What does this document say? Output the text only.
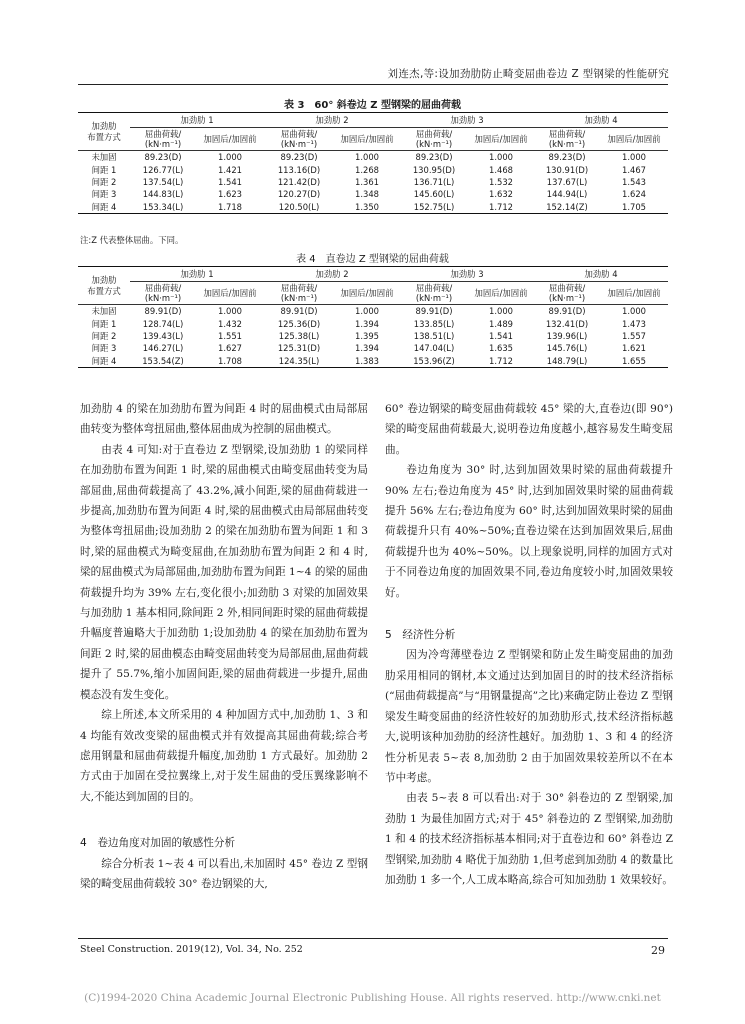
刘连杰,等:设加劲肋防止畸变屈曲卷边 Z 型钢梁的性能研究
表 3　60° 斜卷边 Z 型钢梁的屈曲荷载
加劲肋
布置方式	加劲肋 1		加劲肋 2		加劲肋 3		加劲肋 4	
	屈曲荷载/
(kN·m⁻¹)	加固后/加固前	屈曲荷载/
(kN·m⁻¹)	加固后/加固前	屈曲荷载/
(kN·m⁻¹)	加固后/加固前	屈曲荷载/
(kN·m⁻¹)	加固后/加固前
未加固	89.23(D)	1.000	89.23(D)	1.000	89.23(D)	1.000	89.23(D)	1.000
间距 1	126.77(L)	1.421	113.16(D)	1.268	130.95(D)	1.468	130.91(D)	1.467
间距 2	137.54(L)	1.541	121.42(D)	1.361	136.71(L)	1.532	137.67(L)	1.543
间距 3	144.83(L)	1.623	120.27(D)	1.348	145.60(L)	1.632	144.94(L)	1.624
间距 4	153.34(L)	1.718	120.50(L)	1.350	152.75(L)	1.712	152.14(Z)	1.705
注:Z 代表整体屈曲。下同。
表 4　直卷边 Z 型钢梁的屈曲荷载
加劲肋
布置方式	加劲肋 1		加劲肋 2		加劲肋 3		加劲肋 4	
	屈曲荷载/
(kN·m⁻¹)	加固后/加固前	屈曲荷载/
(kN·m⁻¹)	加固后/加固前	屈曲荷载/
(kN·m⁻¹)	加固后/加固前	屈曲荷载/
(kN·m⁻¹)	加固后/加固前
未加固	89.91(D)	1.000	89.91(D)	1.000	89.91(D)	1.000	89.91(D)	1.000
间距 1	128.74(L)	1.432	125.36(D)	1.394	133.85(L)	1.489	132.41(D)	1.473
间距 2	139.43(L)	1.551	125.38(L)	1.395	138.51(L)	1.541	139.96(L)	1.557
间距 3	146.27(L)	1.627	125.31(D)	1.394	147.04(L)	1.635	145.76(L)	1.621
间距 4	153.54(Z)	1.708	124.35(L)	1.383	153.96(Z)	1.712	148.79(L)	1.655

加劲肋 4 的梁在加劲肋布置为间距 4 时的屈曲模式由局部屈曲转变为整体弯扭屈曲,整体屈曲成为控制的屈曲模式。

由表 4 可知:对于直卷边 Z 型钢梁,设加劲肋 1 的梁同样在加劲肋布置为间距 1 时,梁的屈曲模式由畸变屈曲转变为局部屈曲,屈曲荷载提高了 43.2%,减小间距,梁的屈曲荷载进一步提高,加劲肋布置为间距 4 时,梁的屈曲模式由局部屈曲转变为整体弯扭屈曲;设加劲肋 2 的梁在加劲肋布置为间距 1 和 3 时,梁的屈曲模式为畸变屈曲,在加劲肋布置为间距 2 和 4 时,梁的屈曲模式为局部屈曲,加劲肋布置为间距 1~4 的梁的屈曲荷载提升均为 39% 左右,变化很小;加劲肋 3 对梁的加固效果与加劲肋 1 基本相同,除间距 2 外,相同间距时梁的屈曲荷载提升幅度普遍略大于加劲肋 1;设加劲肋 4 的梁在加劲肋布置为间距 2 时,梁的屈曲模态由畸变屈曲转变为局部屈曲,屈曲荷载提升了 55.7%,缩小加固间距,梁的屈曲荷载进一步提升,屈曲模态没有发生变化。

综上所述,本文所采用的 4 种加固方式中,加劲肋 1、3 和 4 均能有效改变梁的屈曲模式并有效提高其屈曲荷载;综合考虑用钢量和屈曲荷载提升幅度,加劲肋 1 方式最好。加劲肋 2 方式由于加固在受拉翼缘上,对于发生屈曲的受压翼缘影响不大,不能达到加固的目的。

4　卷边角度对加固的敏感性分析

综合分析表 1~表 4 可以看出,未加固时 45° 卷边 Z 型钢梁的畸变屈曲荷载较 30° 卷边钢梁的大,

60° 卷边钢梁的畸变屈曲荷载较 45° 梁的大,直卷边(即 90°) 梁的畸变屈曲荷载最大,说明卷边角度越小,越容易发生畸变屈曲。

卷边角度为 30° 时,达到加固效果时梁的屈曲荷载提升 90% 左右;卷边角度为 45° 时,达到加固效果时梁的屈曲荷载提升 56% 左右;卷边角度为 60° 时,达到加固效果时梁的屈曲荷载提升只有 40%~50%;直卷边梁在达到加固效果后,屈曲荷载提升也为 40%~50%。以上现象说明,同样的加固方式对于不同卷边角度的加固效果不同,卷边角度较小时,加固效果较好。

5　经济性分析

因为冷弯薄壁卷边 Z 型钢梁和防止发生畸变屈曲的加劲肋采用相同的钢材,本文通过达到加固目的时的技术经济指标(“屈曲荷载提高”与“用钢量提高”之比)来确定防止卷边 Z 型钢梁发生畸变屈曲的经济性较好的加劲肋形式,技术经济指标越大,说明该种加劲肋的经济性越好。加劲肋 1、3 和 4 的经济性分析见表 5~表 8,加劲肋 2 由于加固效果较差所以不在本节中考虑。

由表 5~表 8 可以看出:对于 30° 斜卷边的 Z 型钢梁,加劲肋 1 为最佳加固方式;对于 45° 斜卷边的 Z 型钢梁,加劲肋 1 和 4 的技术经济指标基本相同;对于直卷边和 60° 斜卷边 Z 型钢梁,加劲肋 4 略优于加劲肋 1,但考虑到加劲肋 4 的数量比加劲肋 1 多一个,人工成本略高,综合可知加劲肋 1 效果较好。

Steel Construction. 2019(12), Vol. 34, No. 252	29
(C)1994-2020 China Academic Journal Electronic Publishing House. All rights reserved. http://www.cnki.net
